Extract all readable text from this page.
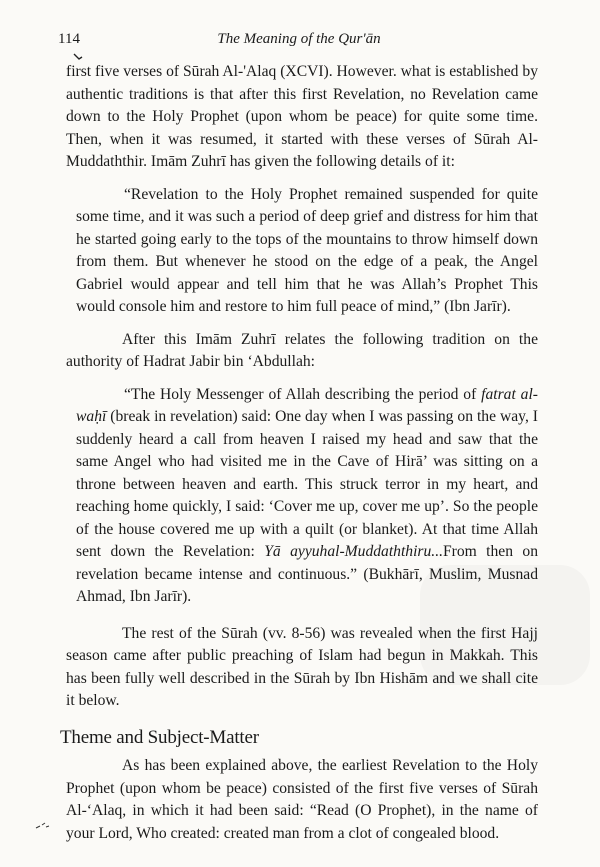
114	The Meaning of the Qur'ān

first five verses of Sūrah Al-'Alaq (XCVI). However. what is established by authentic traditions is that after this first Revelation, no Revelation came down to the Holy Prophet (upon whom be peace) for quite some time. Then, when it was resumed, it started with these verses of Sūrah Al-Muddaththir. Imām Zuhrī has given the following details of it:

“Revelation to the Holy Prophet remained suspended for quite some time, and it was such a period of deep grief and distress for him that he started going early to the tops of the mountains to throw himself down from them. But whenever he stood on the edge of a peak, the Angel Gabriel would appear and tell him that he was Allah’s Prophet This would console him and restore to him full peace of mind,” (Ibn Jarīr).

After this Imām Zuhrī relates the following tradition on the authority of Hadrat Jabir bin ‘Abdullah:

“The Holy Messenger of Allah describing the period of fatrat al-waḥī (break in revelation) said: One day when I was passing on the way, I suddenly heard a call from heaven I raised my head and saw that the same Angel who had visited me in the Cave of Hirā’ was sitting on a throne between heaven and earth. This struck terror in my heart, and reaching home quickly, I said: ‘Cover me up, cover me up’. So the people of the house covered me up with a quilt (or blanket). At that time Allah sent down the Revelation: Yā ayyuhal-Muddaththiru...From then on revelation became intense and continuous.” (Bukhārī, Muslim, Musnad Ahmad, Ibn Jarīr).

The rest of the Sūrah (vv. 8-56) was revealed when the first Hajj season came after public preaching of Islam had begun in Makkah. This has been fully well described in the Sūrah by Ibn Hishām and we shall cite it below.

Theme and Subject-Matter

As has been explained above, the earliest Revelation to the Holy Prophet (upon whom be peace) consisted of the first five verses of Sūrah Al-‘Alaq, in which it had been said: “Read (O Prophet), in the name of your Lord, Who created: created man from a clot of congealed blood.
